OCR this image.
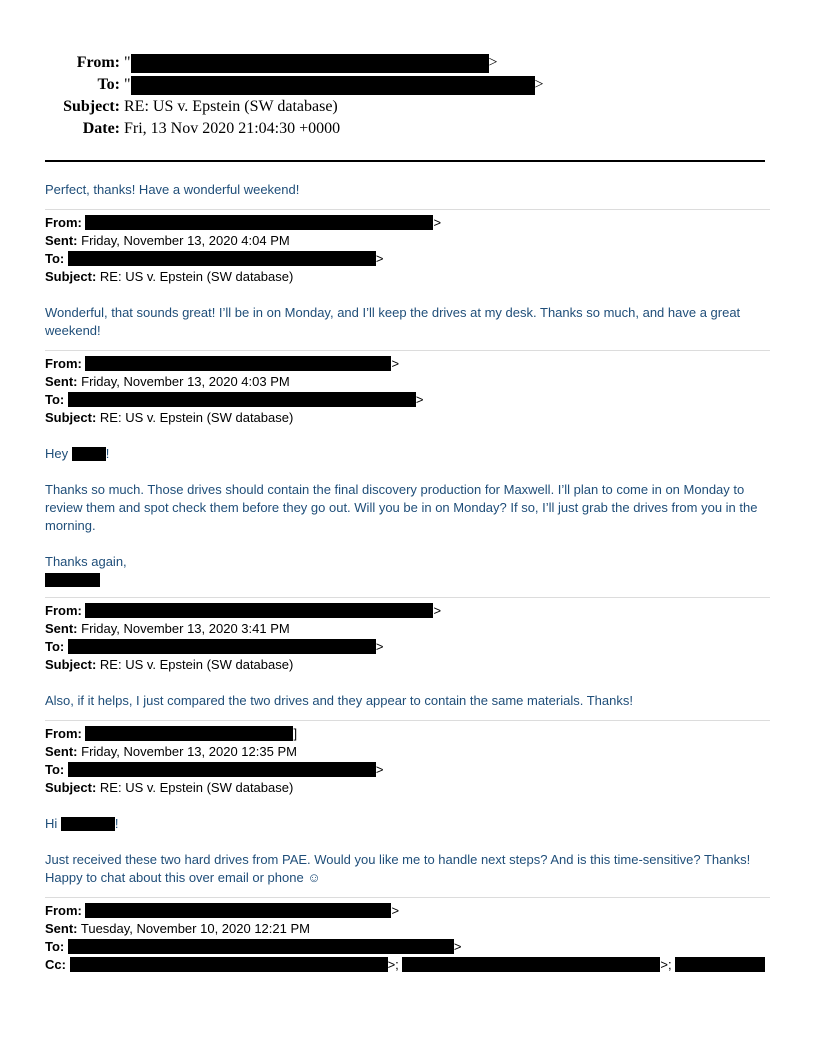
From: "	>
To: "	>
Subject: RE: US v. Epstein (SW database)
Date: Fri, 13 Nov 2020 21:04:30 +0000

Perfect, thanks! Have a wonderful weekend!

From:	>
Sent: Friday, November 13, 2020 4:04 PM
To:	>
Subject: RE: US v. Epstein (SW database)

Wonderful, that sounds great! I’ll be in on Monday, and I’ll keep the drives at my desk. Thanks so much, and have a great weekend!

From:	>
Sent: Friday, November 13, 2020 4:03 PM
To:	>
Subject: RE: US v. Epstein (SW database)

Hey	!

Thanks so much. Those drives should contain the final discovery production for Maxwell. I’ll plan to come in on Monday to review them and spot check them before they go out. Will you be in on Monday? If so, I’ll just grab the drives from you in the morning.

Thanks again,

From:	>
Sent: Friday, November 13, 2020 3:41 PM
To:	>
Subject: RE: US v. Epstein (SW database)

Also, if it helps, I just compared the two drives and they appear to contain the same materials. Thanks!

From:	]
Sent: Friday, November 13, 2020 12:35 PM
To:	>
Subject: RE: US v. Epstein (SW database)

Hi	!

Just received these two hard drives from PAE. Would you like me to handle next steps? And is this time-sensitive? Thanks! Happy to chat about this over email or phone ☺

From:	>
Sent: Tuesday, November 10, 2020 12:21 PM
To:	>
Cc:	>;	>;
